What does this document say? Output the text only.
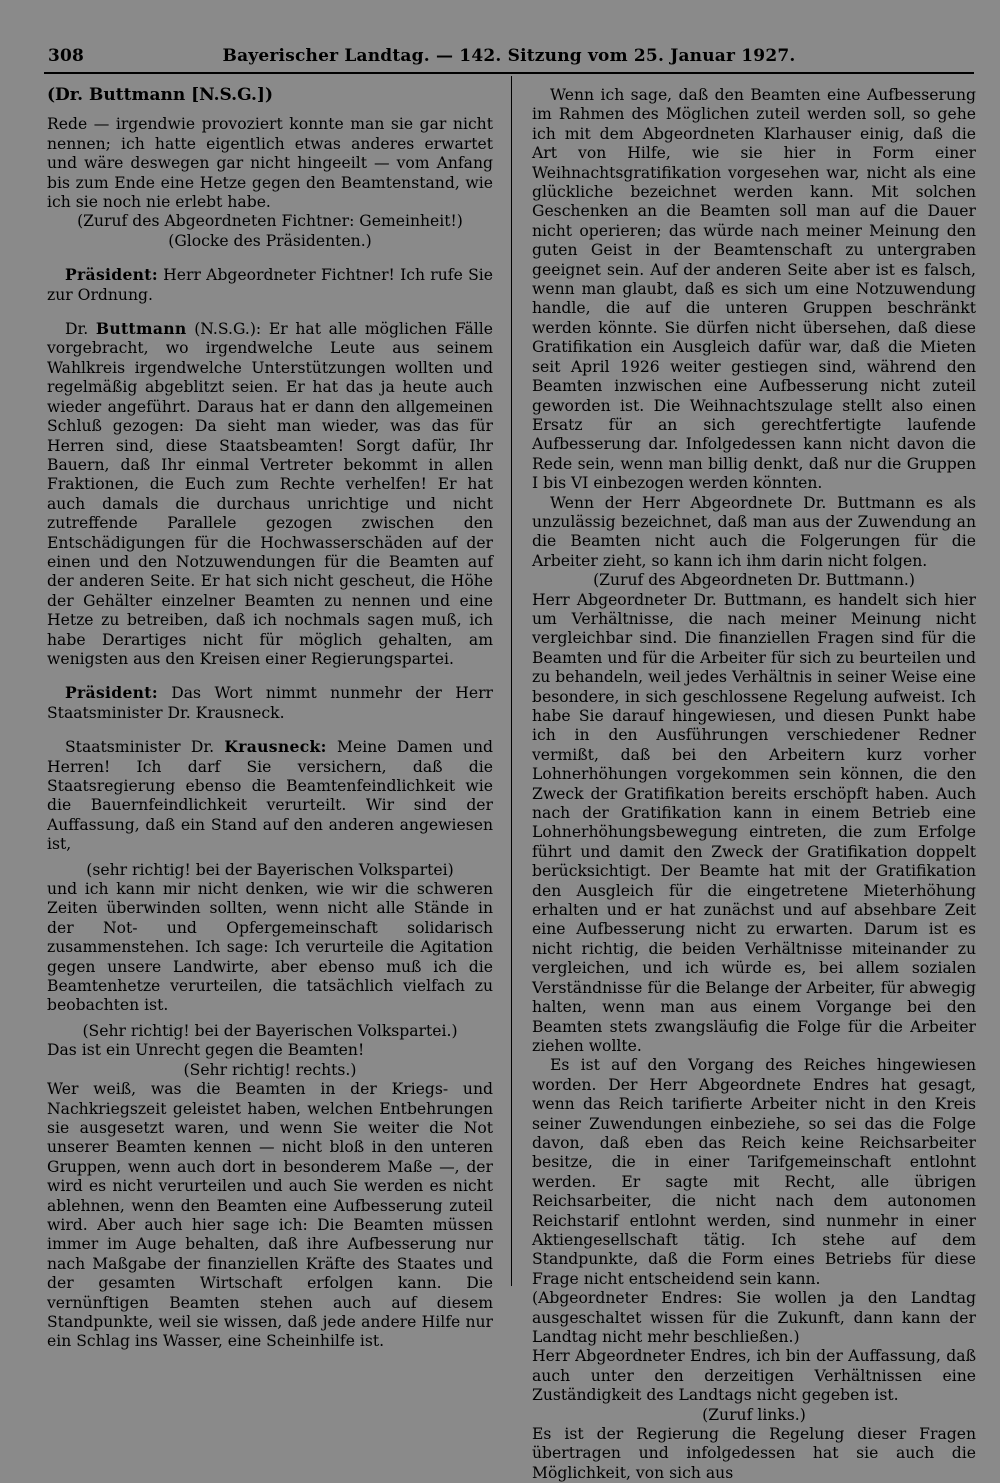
308	Bayerischer Landtag. — 142. Sitzung vom 25. Januar 1927.

(Dr. Buttmann [N.S.G.])

Rede — irgendwie provoziert konnte man sie gar nicht nennen; ich hatte eigentlich etwas anderes erwartet und wäre deswegen gar nicht hingeeilt — vom Anfang bis zum Ende eine Hetze gegen den Beamtenstand, wie ich sie noch nie erlebt habe.

(Zuruf des Abgeordneten Fichtner: Gemeinheit!)

(Glocke des Präsidenten.)

Präsident: Herr Abgeordneter Fichtner! Ich rufe Sie zur Ordnung.

Dr. Buttmann (N.S.G.): Er hat alle möglichen Fälle vorgebracht, wo irgendwelche Leute aus seinem Wahlkreis irgendwelche Unterstützungen wollten und regelmäßig abgeblitzt seien. Er hat das ja heute auch wieder angeführt. Daraus hat er dann den allgemeinen Schluß gezogen: Da sieht man wieder, was das für Herren sind, diese Staatsbeamten! Sorgt dafür, Ihr Bauern, daß Ihr einmal Vertreter bekommt in allen Fraktionen, die Euch zum Rechte verhelfen! Er hat auch damals die durchaus unrichtige und nicht zutreffende Parallele gezogen zwischen den Entschädigungen für die Hochwasserschäden auf der einen und den Notzuwendungen für die Beamten auf der anderen Seite. Er hat sich nicht gescheut, die Höhe der Gehälter einzelner Beamten zu nennen und eine Hetze zu betreiben, daß ich nochmals sagen muß, ich habe Derartiges nicht für möglich gehalten, am wenigsten aus den Kreisen einer Regierungspartei.

Präsident: Das Wort nimmt nunmehr der Herr Staatsminister Dr. Krausneck.

Staatsminister Dr. Krausneck: Meine Damen und Herren! Ich darf Sie versichern, daß die Staatsregierung ebenso die Beamtenfeindlichkeit wie die Bauernfeindlichkeit verurteilt. Wir sind der Auffassung, daß ein Stand auf den anderen angewiesen ist,

(sehr richtig! bei der Bayerischen Volkspartei)

und ich kann mir nicht denken, wie wir die schweren Zeiten überwinden sollten, wenn nicht alle Stände in der Not- und Opfergemeinschaft solidarisch zusammenstehen. Ich sage: Ich verurteile die Agitation gegen unsere Landwirte, aber ebenso muß ich die Beamtenhetze verurteilen, die tatsächlich vielfach zu beobachten ist.

(Sehr richtig! bei der Bayerischen Volkspartei.)

Das ist ein Unrecht gegen die Beamten!

(Sehr richtig! rechts.)

Wer weiß, was die Beamten in der Kriegs- und Nachkriegszeit geleistet haben, welchen Entbehrungen sie ausgesetzt waren, und wenn Sie weiter die Not unserer Beamten kennen — nicht bloß in den unteren Gruppen, wenn auch dort in besonderem Maße —, der wird es nicht verurteilen und auch Sie werden es nicht ablehnen, wenn den Beamten eine Aufbesserung zuteil wird. Aber auch hier sage ich: Die Beamten müssen immer im Auge behalten, daß ihre Aufbesserung nur nach Maßgabe der finanziellen Kräfte des Staates und der gesamten Wirtschaft erfolgen kann. Die vernünftigen Beamten stehen auch auf diesem Standpunkte, weil sie wissen, daß jede andere Hilfe nur ein Schlag ins Wasser, eine Scheinhilfe ist.

Wenn ich sage, daß den Beamten eine Aufbesserung im Rahmen des Möglichen zuteil werden soll, so gehe ich mit dem Abgeordneten Klarhauser einig, daß die Art von Hilfe, wie sie hier in Form einer Weihnachtsgratifikation vorgesehen war, nicht als eine glückliche bezeichnet werden kann. Mit solchen Geschenken an die Beamten soll man auf die Dauer nicht operieren; das würde nach meiner Meinung den guten Geist in der Beamtenschaft zu untergraben geeignet sein. Auf der anderen Seite aber ist es falsch, wenn man glaubt, daß es sich um eine Notzuwendung handle, die auf die unteren Gruppen beschränkt werden könnte. Sie dürfen nicht übersehen, daß diese Gratifikation ein Ausgleich dafür war, daß die Mieten seit April 1926 weiter gestiegen sind, während den Beamten inzwischen eine Aufbesserung nicht zuteil geworden ist. Die Weihnachtszulage stellt also einen Ersatz für an sich gerechtfertigte laufende Aufbesserung dar. Infolgedessen kann nicht davon die Rede sein, wenn man billig denkt, daß nur die Gruppen I bis VI einbezogen werden könnten.

Wenn der Herr Abgeordnete Dr. Buttmann es als unzulässig bezeichnet, daß man aus der Zuwendung an die Beamten nicht auch die Folgerungen für die Arbeiter zieht, so kann ich ihm darin nicht folgen.

(Zuruf des Abgeordneten Dr. Buttmann.)

Herr Abgeordneter Dr. Buttmann, es handelt sich hier um Verhältnisse, die nach meiner Meinung nicht vergleichbar sind. Die finanziellen Fragen sind für die Beamten und für die Arbeiter für sich zu beurteilen und zu behandeln, weil jedes Verhältnis in seiner Weise eine besondere, in sich geschlossene Regelung aufweist. Ich habe Sie darauf hingewiesen, und diesen Punkt habe ich in den Ausführungen verschiedener Redner vermißt, daß bei den Arbeitern kurz vorher Lohnerhöhungen vorgekommen sein können, die den Zweck der Gratifikation bereits erschöpft haben. Auch nach der Gratifikation kann in einem Betrieb eine Lohnerhöhungsbewegung eintreten, die zum Erfolge führt und damit den Zweck der Gratifikation doppelt berücksichtigt. Der Beamte hat mit der Gratifikation den Ausgleich für die eingetretene Mieterhöhung erhalten und er hat zunächst und auf absehbare Zeit eine Aufbesserung nicht zu erwarten. Darum ist es nicht richtig, die beiden Verhältnisse miteinander zu vergleichen, und ich würde es, bei allem sozialen Verständnisse für die Belange der Arbeiter, für abwegig halten, wenn man aus einem Vorgange bei den Beamten stets zwangsläufig die Folge für die Arbeiter ziehen wollte.

Es ist auf den Vorgang des Reiches hingewiesen worden. Der Herr Abgeordnete Endres hat gesagt, wenn das Reich tarifierte Arbeiter nicht in den Kreis seiner Zuwendungen einbeziehe, so sei das die Folge davon, daß eben das Reich keine Reichsarbeiter besitze, die in einer Tarifgemeinschaft entlohnt werden. Er sagte mit Recht, alle übrigen Reichsarbeiter, die nicht nach dem autonomen Reichstarif entlohnt werden, sind nunmehr in einer Aktiengesellschaft tätig. Ich stehe auf dem Standpunkte, daß die Form eines Betriebs für diese Frage nicht entscheidend sein kann.

(Abgeordneter Endres: Sie wollen ja den Landtag ausgeschaltet wissen für die Zukunft, dann kann der Landtag nicht mehr beschließen.)

Herr Abgeordneter Endres, ich bin der Auffassung, daß auch unter den derzeitigen Verhältnissen eine Zuständigkeit des Landtags nicht gegeben ist.

(Zuruf links.)

Es ist der Regierung die Regelung dieser Fragen übertragen und infolgedessen hat sie auch die Möglichkeit, von sich aus
